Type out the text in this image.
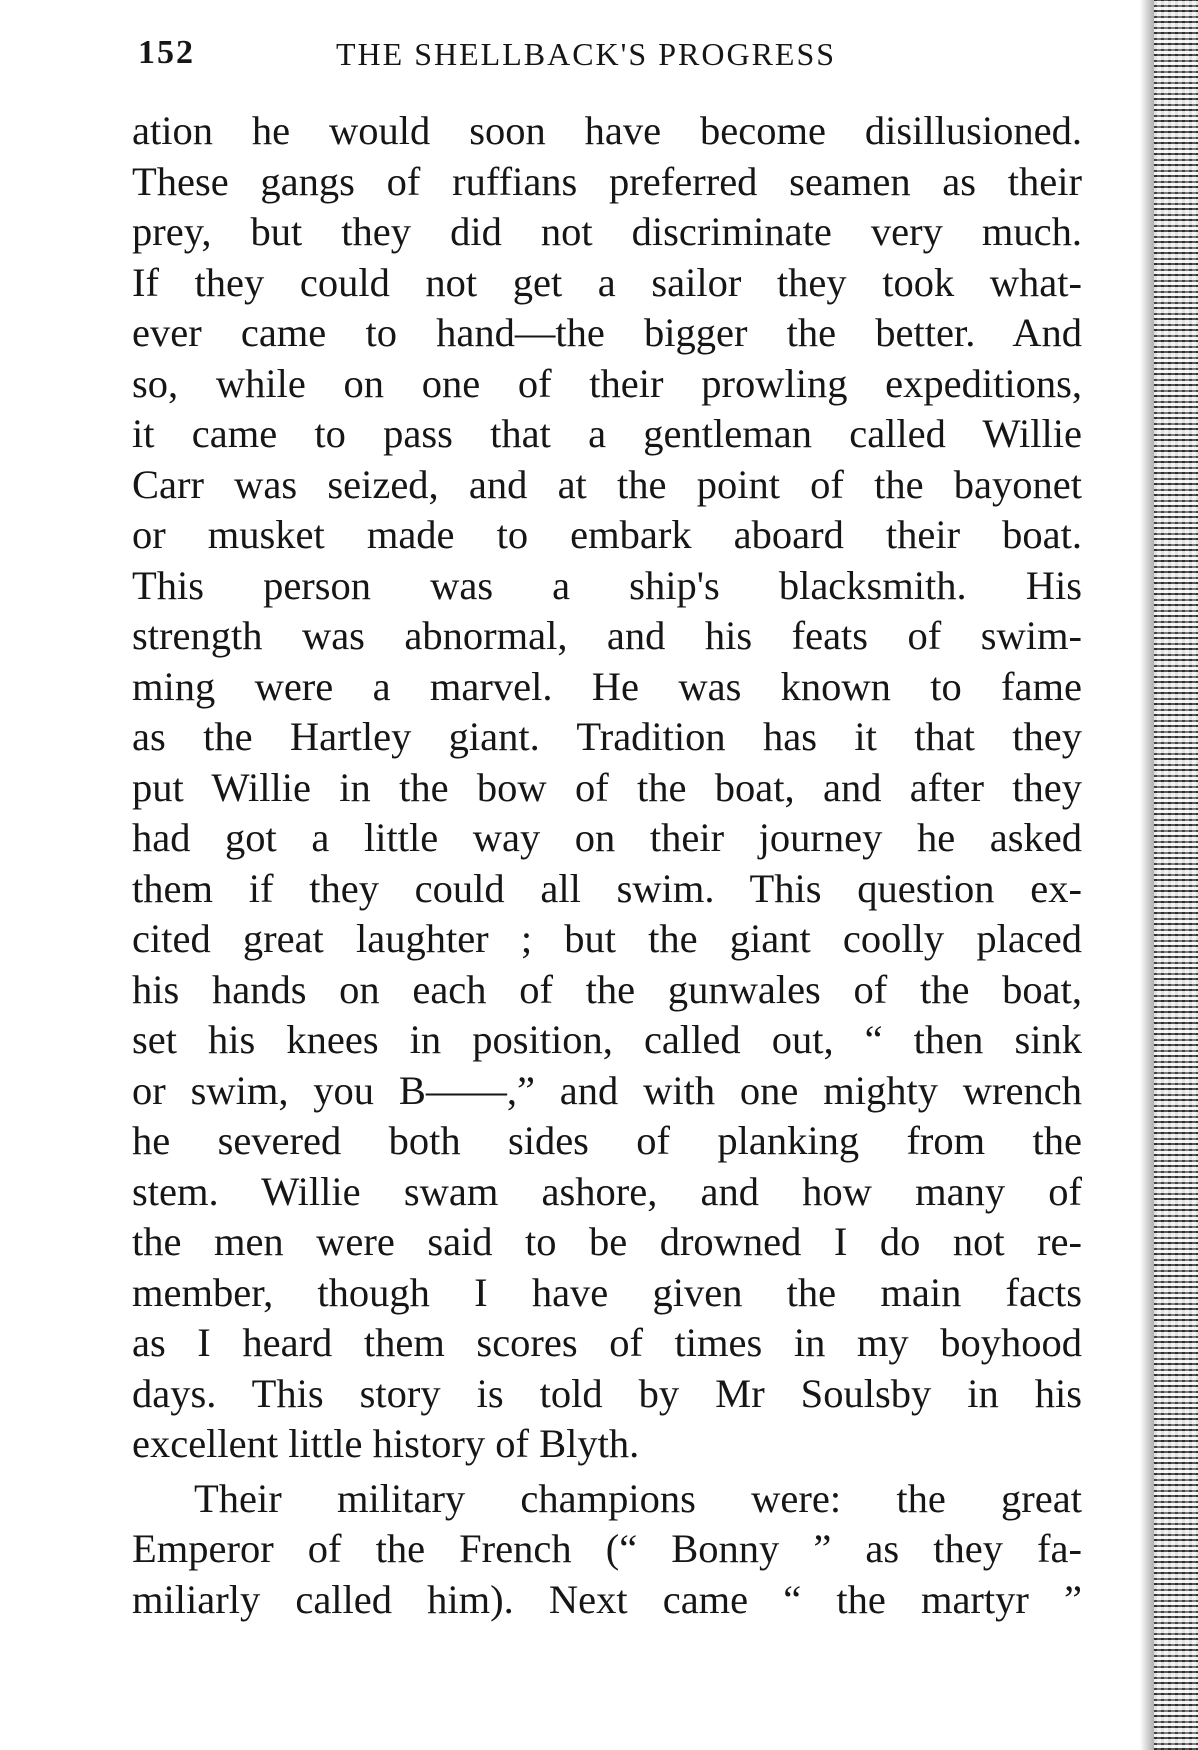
152	THE SHELLBACK'S PROGRESS
ation he would soon have become disillusioned.
These gangs of ruffians preferred seamen as their
prey, but they did not discriminate very much.
If they could not get a sailor they took what-
ever came to hand—the bigger the better. And
so, while on one of their prowling expeditions,
it came to pass that a gentleman called Willie
Carr was seized, and at the point of the bayonet
or musket made to embark aboard their boat.
This person was a ship's blacksmith. His
strength was abnormal, and his feats of swim-
ming were a marvel. He was known to fame
as the Hartley giant. Tradition has it that they
put Willie in the bow of the boat, and after they
had got a little way on their journey he asked
them if they could all swim. This question ex-
cited great laughter ; but the giant coolly placed
his hands on each of the gunwales of the boat,
set his knees in position, called out, “ then sink
or swim, you B——,” and with one mighty wrench
he severed both sides of planking from the
stem. Willie swam ashore, and how many of
the men were said to be drowned I do not re-
member, though I have given the main facts
as I heard them scores of times in my boyhood
days. This story is told by Mr Soulsby in his
excellent little history of Blyth.
Their military champions were: the great
Emperor of the French (“ Bonny ” as they fa-
miliarly called him). Next came “ the martyr ”
